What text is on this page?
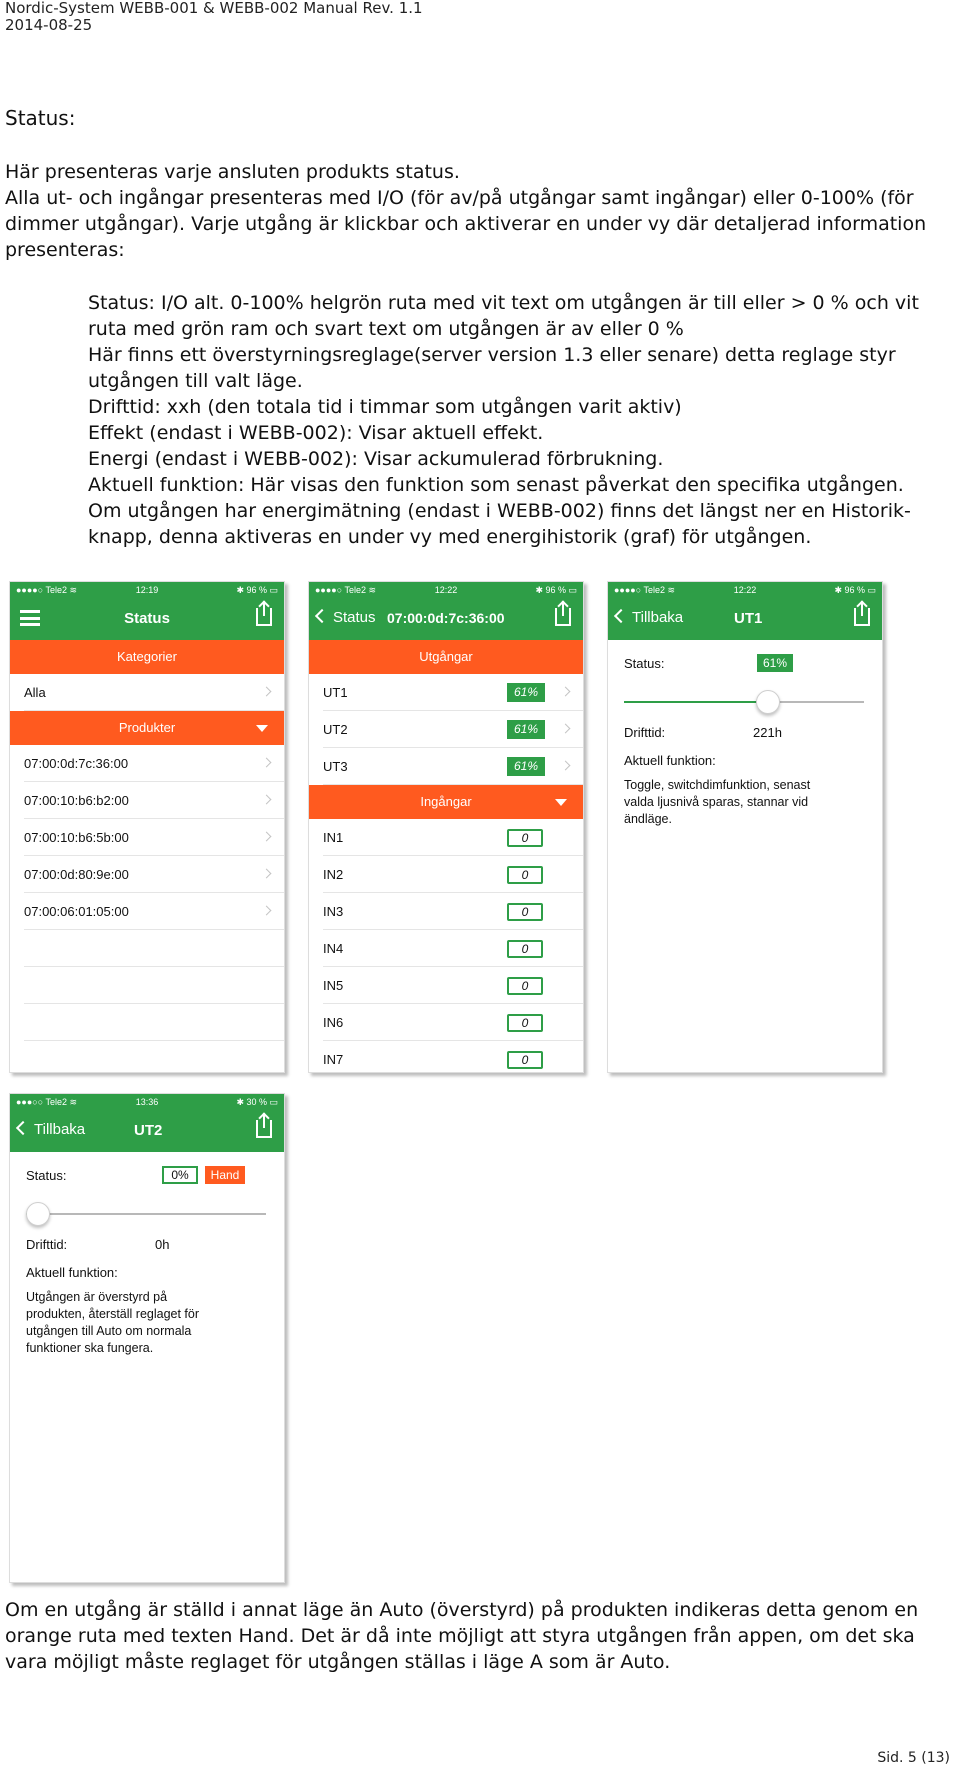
Nordic-System WEBB-001 & WEBB-002 Manual Rev. 1.1
2014-08-25
Status:
Här presenteras varje ansluten produkts status.
Alla ut- och ingångar presenteras med I/O (för av/på utgångar samt ingångar) eller 0-100% (för
dimmer utgångar). Varje utgång är klickbar och aktiverar en under vy där detaljerad information
presenteras:
Status: I/O alt. 0-100% helgrön ruta med vit text om utgången är till eller > 0 % och vit
ruta med grön ram och svart text om utgången är av eller 0 %
Här finns ett överstyrningsreglage(server version 1.3 eller senare) detta reglage styr
utgången till valt läge.
Drifttid: xxh (den totala tid i timmar som utgången varit aktiv)
Effekt (endast i WEBB-002): Visar aktuell effekt.
Energi (endast i WEBB-002): Visar ackumulerad förbrukning.
Aktuell funktion: Här visas den funktion som senast påverkat den specifika utgången.
Om utgången har energimätning (endast i WEBB-002) finns det längst ner en Historik-
knapp, denna aktiveras en under vy med energihistorik (graf) för utgången.
●●●●○ Tele2 ≋	12:19	✱ 96 % ▭
Status
Kategorier
Alla
Produkter
07:00:0d:7c:36:00
07:00:10:b6:b2:00
07:00:10:b6:5b:00
07:00:0d:80:9e:00
07:00:06:01:05:00
●●●●○ Tele2 ≋	12:22	✱ 96 % ▭
Status 07:00:0d:7c:36:00
Utgångar
UT1	61%
UT2	61%
UT3	61%
Ingångar
IN1	0
IN2	0
IN3	0
IN4	0
IN5	0
IN6	0
IN7	0
●●●●○ Tele2 ≋	12:22	✱ 96 % ▭
Tillbaka	UT1
Status:	61%
Drifttid:	221h
Aktuell funktion:
Toggle, switchdimfunktion, senast
valda ljusnivå sparas, stannar vid
ändläge.
●●●○○ Tele2 ≋	13:36	✱ 30 % ▭
Tillbaka	UT2
Status:	0%	Hand
Drifttid:	0h
Aktuell funktion:
Utgången är överstyrd på
produkten, återställ reglaget för
utgången till Auto om normala
funktioner ska fungera.
Om en utgång är ställd i annat läge än Auto (överstyrd) på produkten indikeras detta genom en
orange ruta med texten Hand. Det är då inte möjligt att styra utgången från appen, om det ska
vara möjligt måste reglaget för utgången ställas i läge A som är Auto.
Sid. 5 (13)
